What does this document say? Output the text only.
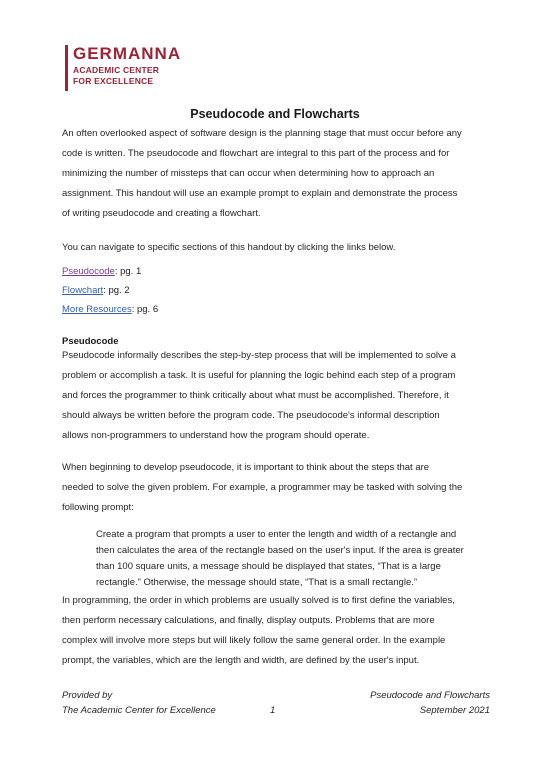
GERMANNA
ACADEMIC CENTER
FOR EXCELLENCE
Pseudocode and Flowcharts
An often overlooked aspect of software design is the planning stage that must occur before any
code is written. The pseudocode and flowchart are integral to this part of the process and for
minimizing the number of missteps that can occur when determining how to approach an
assignment. This handout will use an example prompt to explain and demonstrate the process
of writing pseudocode and creating a flowchart.
You can navigate to specific sections of this handout by clicking the links below.
Pseudocode: pg. 1
Flowchart: pg. 2
More Resources: pg. 6
Pseudocode
Pseudocode informally describes the step-by-step process that will be implemented to solve a
problem or accomplish a task. It is useful for planning the logic behind each step of a program
and forces the programmer to think critically about what must be accomplished. Therefore, it
should always be written before the program code. The pseudocode's informal description
allows non-programmers to understand how the program should operate.
When beginning to develop pseudocode, it is important to think about the steps that are
needed to solve the given problem. For example, a programmer may be tasked with solving the
following prompt:
Create a program that prompts a user to enter the length and width of a rectangle and
then calculates the area of the rectangle based on the user's input. If the area is greater
than 100 square units, a message should be displayed that states, “That is a large
rectangle.” Otherwise, the message should state, “That is a small rectangle.”
In programming, the order in which problems are usually solved is to first define the variables,
then perform necessary calculations, and finally, display outputs. Problems that are more
complex will involve more steps but will likely follow the same general order. In the example
prompt, the variables, which are the length and width, are defined by the user's input.
Provided by	Pseudocode and Flowcharts
The Academic Center for Excellence	1	September 2021
